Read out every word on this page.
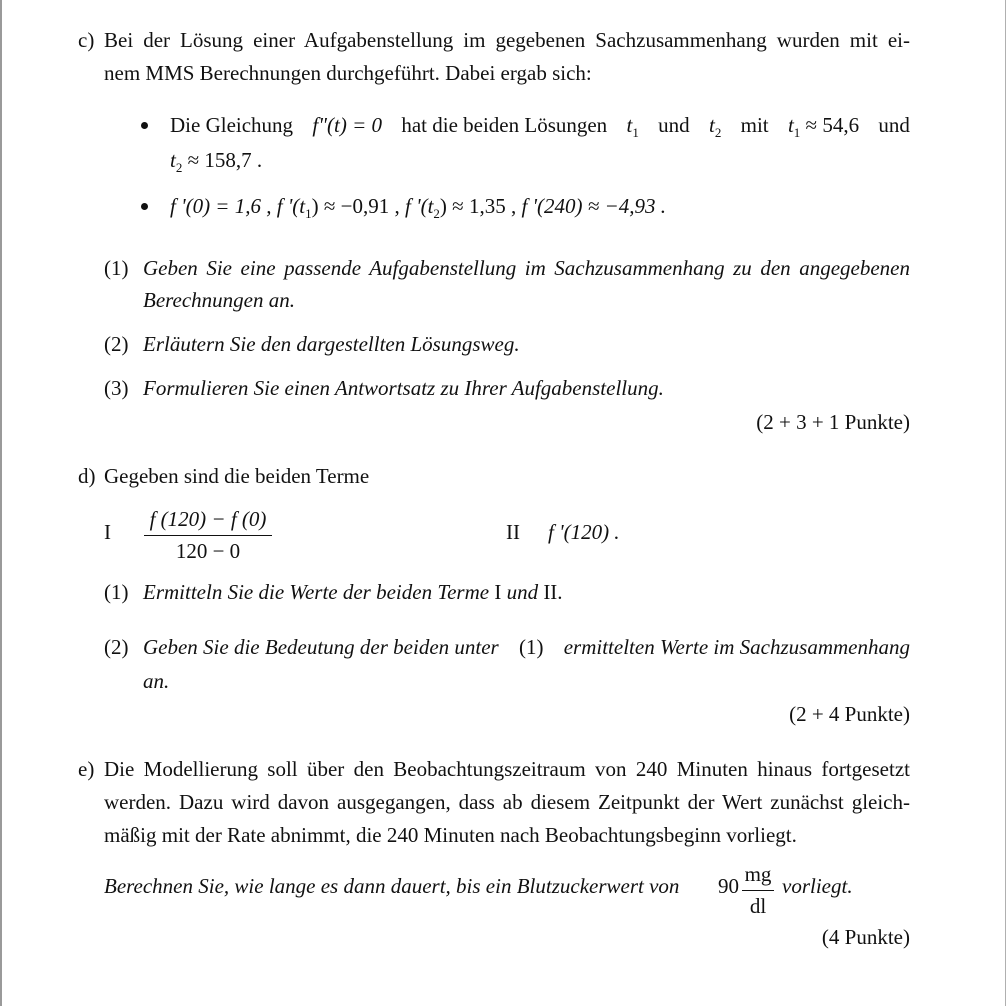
c) Bei der Lösung einer Aufgabenstellung im gegebenen Sachzusammenhang wurden mit ei-
nem MMS Berechnungen durchgeführt. Dabei ergab sich:
Die Gleichung f"(t) = 0 hat die beiden Lösungen $t_1$ und $t_2$ mit $t_1 \approx 54,6$ und
$t_2 \approx 158,7$ .
f '(0) = 1,6 , f '$(t_1) \approx -0,91$ , f '$(t_2) \approx 1,35$ , f '(240) ≈ −4,93 .
(1) Geben Sie eine passende Aufgabenstellung im Sachzusammenhang zu den angegebenen
Berechnungen an.
(2) Erläutern Sie den dargestellten Lösungsweg.
(3) Formulieren Sie einen Antwortsatz zu Ihrer Aufgabenstellung.
(2 + 3 + 1 Punkte)
d) Gegeben sind die beiden Terme
I $\frac{f (120) - f (0)}{120 - 0}$	II f '(120) .
(1) Ermitteln Sie die Werte der beiden Terme I und II.
(2) Geben Sie die Bedeutung der beiden unter (1) ermittelten Werte im Sachzusammenhang
an.
(2 + 4 Punkte)
e) Die Modellierung soll über den Beobachtungszeitraum von 240 Minuten hinaus fortgesetzt
werden. Dazu wird davon ausgegangen, dass ab diesem Zeitpunkt der Wert zunächst gleich-
mäßig mit der Rate abnimmt, die 240 Minuten nach Beobachtungsbeginn vorliegt.
Berechnen Sie, wie lange es dann dauert, bis ein Blutzuckerwert von $90 \frac{mg}{dl}$ vorliegt.
(4 Punkte)
